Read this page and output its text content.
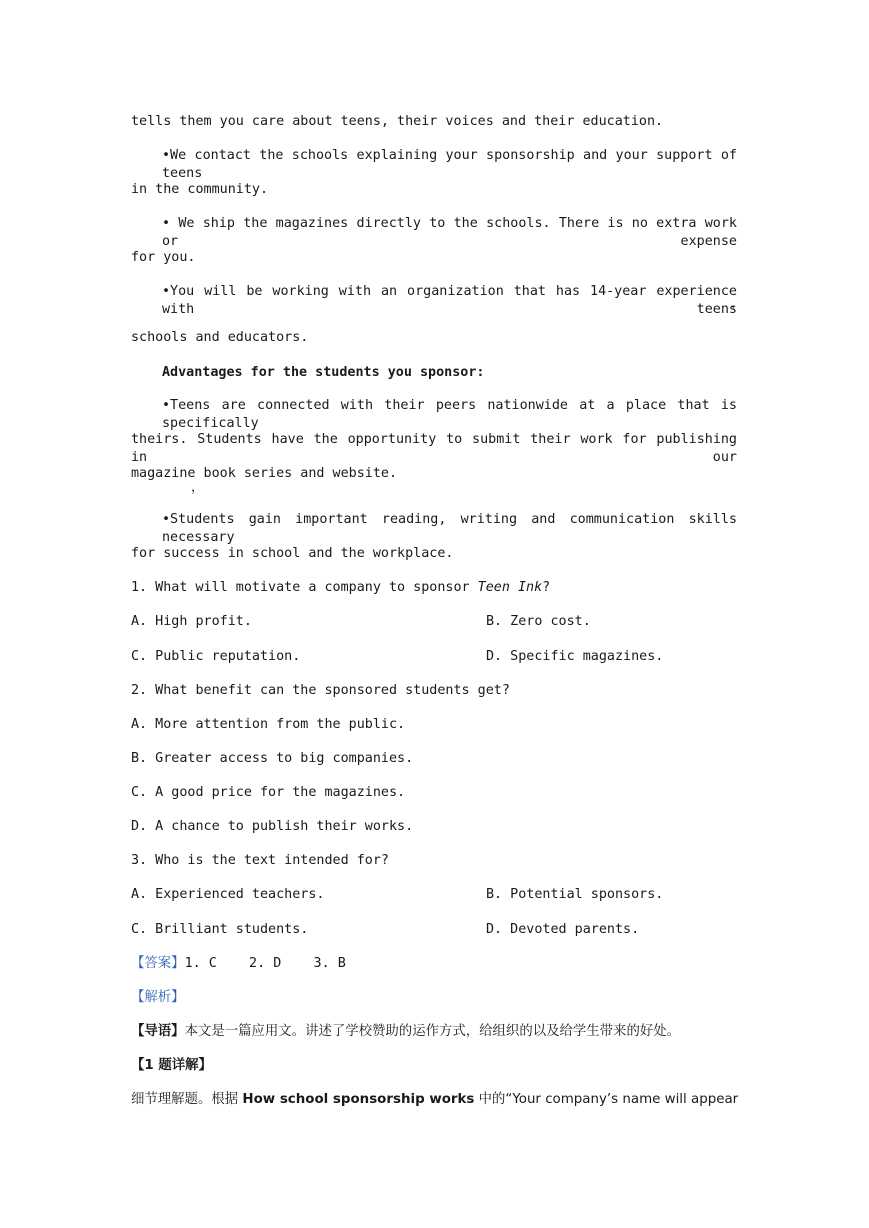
tells them you care about teens, their voices and their education.
•We contact the schools explaining your sponsorship and your support of teens
in the community.
• We ship the magazines directly to the schools. There is no extra work or expense
for you.
•You will be working with an organization that has 14-year experience with teens
，
schools and educators.
Advantages for the students you sponsor:
•Teens are connected with their peers nationwide at a place that is specifically
theirs. Students have the opportunity to submit their work for publishing in our
magazine book series and website.
，
•Students gain important reading, writing and communication skills necessary
for success in school and the workplace.
1. What will motivate a company to sponsor Teen Ink?
A. High profit.	B. Zero cost.
C. Public reputation.	D. Specific magazines.
2. What benefit can the sponsored students get?
A. More attention from the public.
B. Greater access to big companies.
C. A good price for the magazines.
D. A chance to publish their works.
3. Who is the text intended for?
A. Experienced teachers.	B. Potential sponsors.
C. Brilliant students.	D. Devoted parents.
【答案】1. C    2. D    3. B
【解析】
【导语】本文是一篇应用文。讲述了学校赞助的运作方式，给组织的以及给学生带来的好处。
【1 题详解】
细节理解题。根据 How school sponsorship works 中的“Your company’s name will appear
